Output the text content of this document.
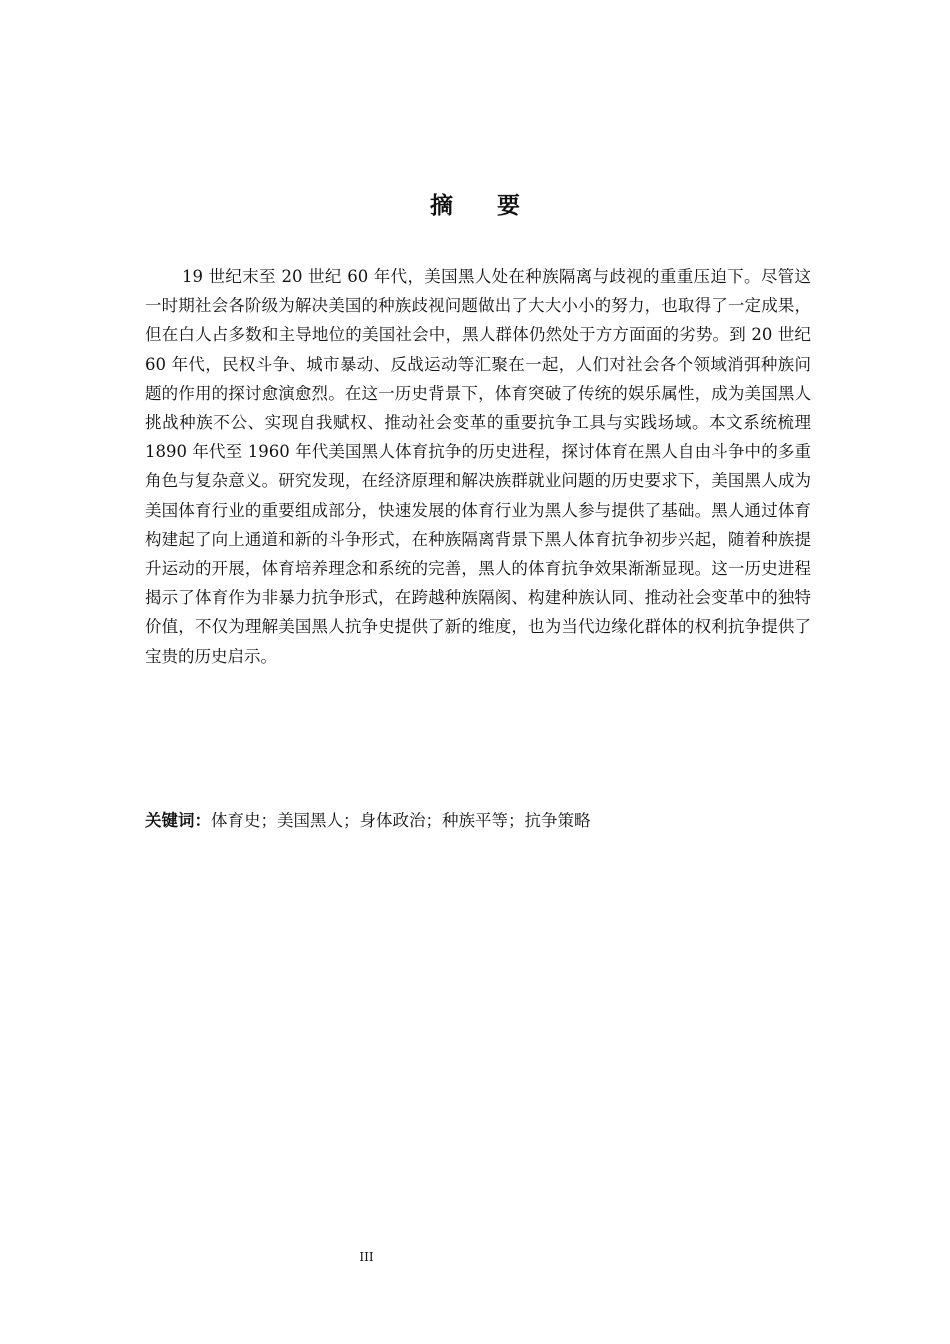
摘 要

19 世纪末至 20 世纪 60 年代，美国黑人处在种族隔离与歧视的重重压迫下。尽管这一时期社会各阶级为解决美国的种族歧视问题做出了大大小小的努力，也取得了一定成果，但在白人占多数和主导地位的美国社会中，黑人群体仍然处于方方面面的劣势。到 20 世纪 60 年代，民权斗争、城市暴动、反战运动等汇聚在一起，人们对社会各个领域消弭种族问题的作用的探讨愈演愈烈。在这一历史背景下，体育突破了传统的娱乐属性，成为美国黑人挑战种族不公、实现自我赋权、推动社会变革的重要抗争工具与实践场域。本文系统梳理 1890 年代至 1960 年代美国黑人体育抗争的历史进程，探讨体育在黑人自由斗争中的多重角色与复杂意义。研究发现，在经济原理和解决族群就业问题的历史要求下，美国黑人成为美国体育行业的重要组成部分，快速发展的体育行业为黑人参与提供了基础。黑人通过体育构建起了向上通道和新的斗争形式，在种族隔离背景下黑人体育抗争初步兴起，随着种族提升运动的开展，体育培养理念和系统的完善，黑人的体育抗争效果渐渐显现。这一历史进程揭示了体育作为非暴力抗争形式，在跨越种族隔阂、构建种族认同、推动社会变革中的独特价值，不仅为理解美国黑人抗争史提供了新的维度，也为当代边缘化群体的权利抗争提供了宝贵的历史启示。

关键词：体育史；美国黑人；身体政治；种族平等；抗争策略

III
